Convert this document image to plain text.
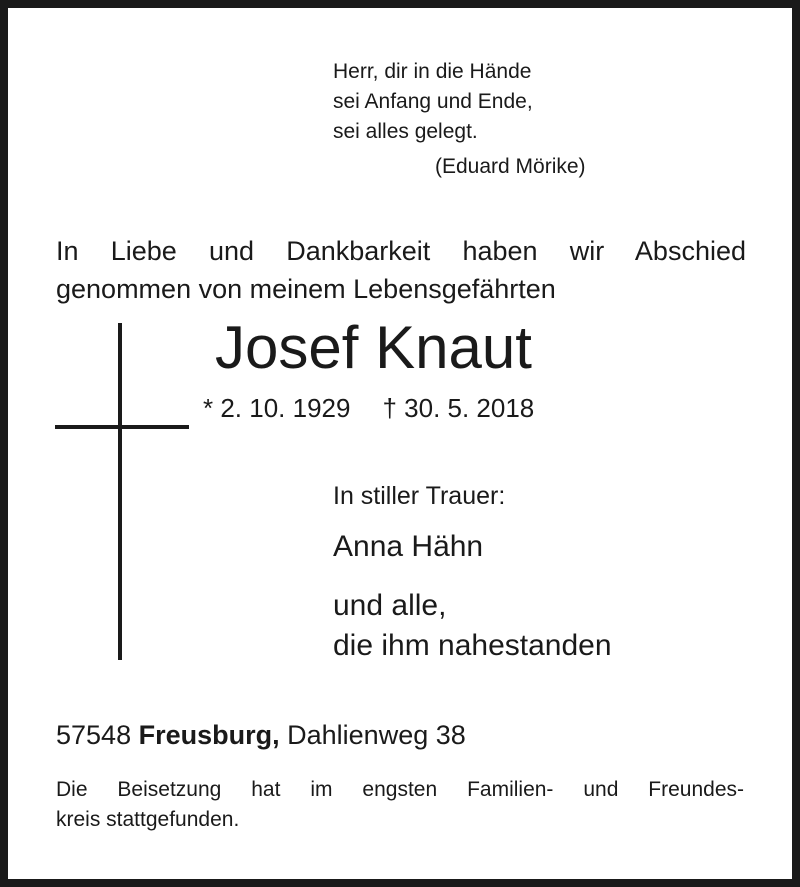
Herr, dir in die Hände
sei Anfang und Ende,
sei alles gelegt.
(Eduard Mörike)
In Liebe und Dankbarkeit haben wir Abschied
genommen von meinem Lebensgefährten
Josef Knaut
* 2. 10. 1929 † 30. 5. 2018
In stiller Trauer:
Anna Hähn
und alle,
die ihm nahestanden
57548 Freusburg, Dahlienweg 38
Die Beisetzung hat im engsten Familien- und Freundes-
kreis stattgefunden.
